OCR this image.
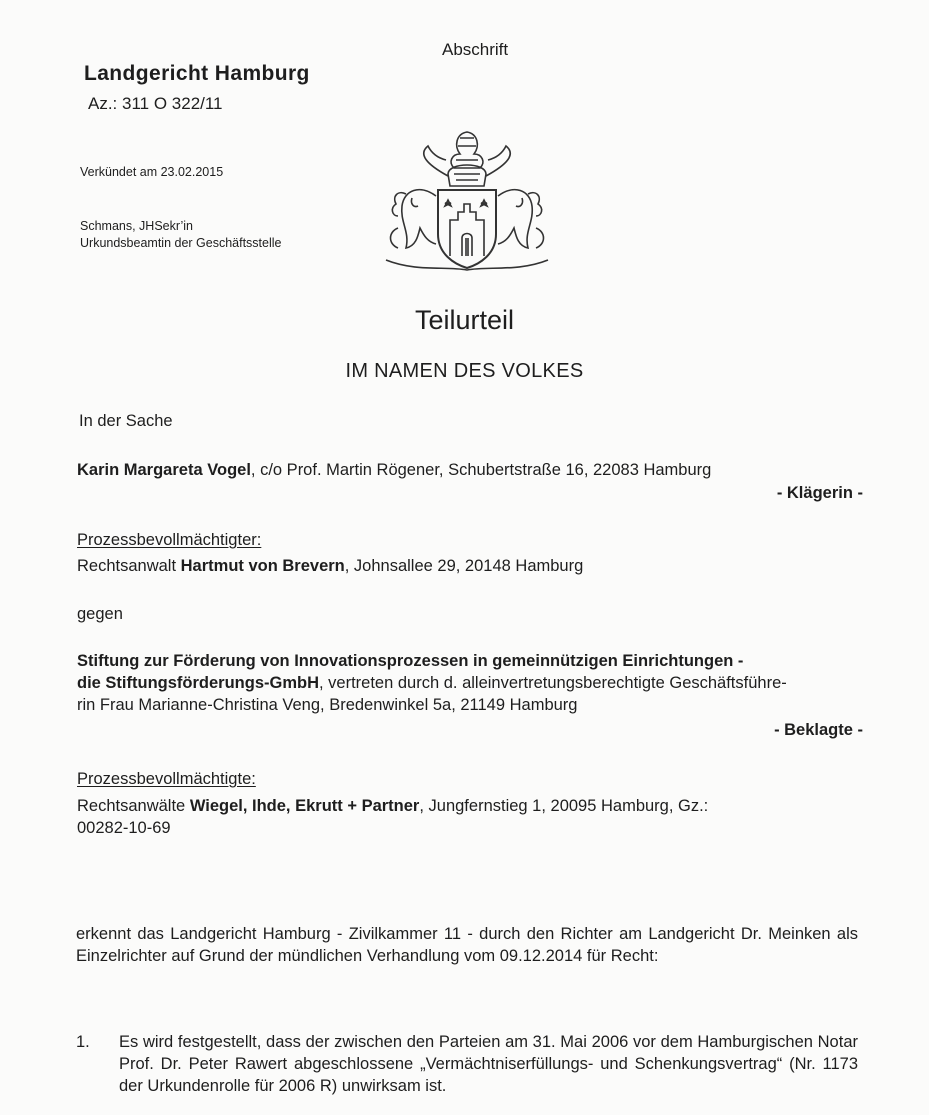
Abschrift
Landgericht Hamburg
Az.: 311 O 322/11
Verkündet am 23.02.2015
Schmans, JHSekr’in
Urkundsbeamtin der Geschäftsstelle
Teilurteil
IM NAMEN DES VOLKES
In der Sache
Karin Margareta Vogel, c/o Prof. Martin Rögener, Schubertstraße 16, 22083 Hamburg
- Klägerin -
Prozessbevollmächtigter:
Rechtsanwalt Hartmut von Brevern, Johnsallee 29, 20148 Hamburg
gegen
Stiftung zur Förderung von Innovationsprozessen in gemeinnützigen Einrichtungen -
die Stiftungsförderungs-GmbH, vertreten durch d. alleinvertretungsberechtigte Geschäftsführe-
rin Frau Marianne-Christina Veng, Bredenwinkel 5a, 21149 Hamburg
- Beklagte -
Prozessbevollmächtigte:
Rechtsanwälte Wiegel, Ihde, Ekrutt + Partner, Jungfernstieg 1, 20095 Hamburg, Gz.:
00282-10-69
erkennt das Landgericht Hamburg - Zivilkammer 11 - durch den Richter am Landgericht Dr. Meinken als Einzelrichter auf Grund der mündlichen Verhandlung vom 09.12.2014 für Recht:
1. Es wird festgestellt, dass der zwischen den Parteien am 31. Mai 2006 vor dem Hamburgischen Notar Prof. Dr. Peter Rawert abgeschlossene „Vermächtniserfüllungs- und Schenkungsvertrag“ (Nr. 1173 der Urkundenrolle für 2006 R) unwirksam ist.
